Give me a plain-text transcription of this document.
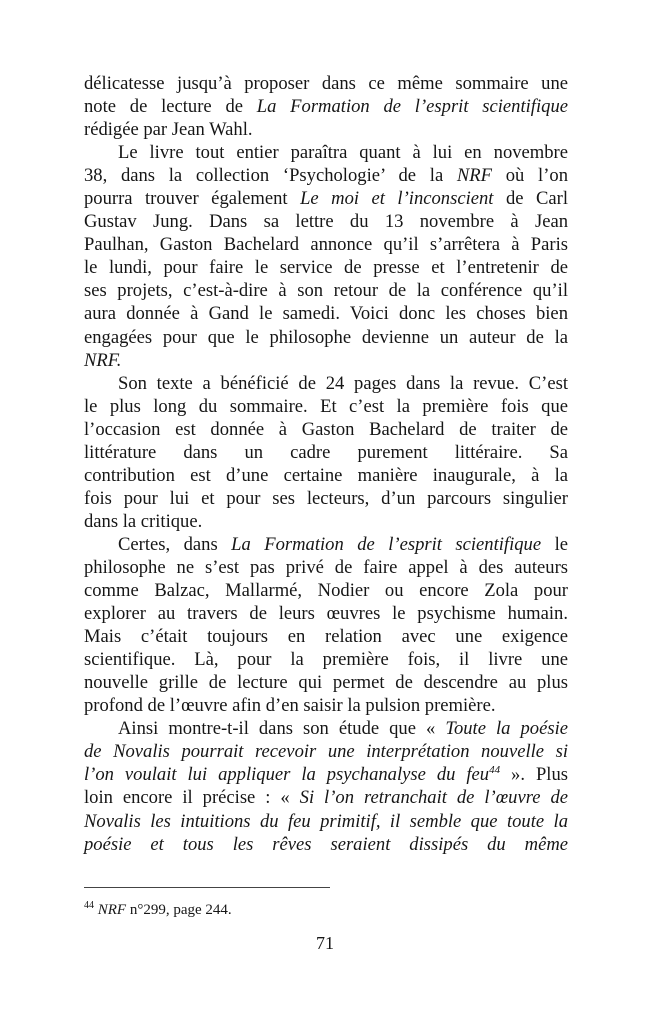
délicatesse jusqu’à proposer dans ce même sommaire une
note de lecture de La Formation de l’esprit scientifique
rédigée par Jean Wahl.
Le livre tout entier paraîtra quant à lui en novembre
38, dans la collection ‘Psychologie’ de la NRF où l’on
pourra trouver également Le moi et l’inconscient de Carl
Gustav Jung. Dans sa lettre du 13 novembre à Jean
Paulhan, Gaston Bachelard annonce qu’il s’arrêtera à Paris
le lundi, pour faire le service de presse et l’entretenir de
ses projets, c’est-à-dire à son retour de la conférence qu’il
aura donnée à Gand le samedi. Voici donc les choses bien
engagées pour que le philosophe devienne un auteur de la
NRF.
Son texte a bénéficié de 24 pages dans la revue. C’est
le plus long du sommaire. Et c’est la première fois que
l’occasion est donnée à Gaston Bachelard de traiter de
littérature dans un cadre purement littéraire. Sa
contribution est d’une certaine manière inaugurale, à la
fois pour lui et pour ses lecteurs, d’un parcours singulier
dans la critique.
Certes, dans La Formation de l’esprit scientifique le
philosophe ne s’est pas privé de faire appel à des auteurs
comme Balzac, Mallarmé, Nodier ou encore Zola pour
explorer au travers de leurs œuvres le psychisme humain.
Mais c’était toujours en relation avec une exigence
scientifique. Là, pour la première fois, il livre une
nouvelle grille de lecture qui permet de descendre au plus
profond de l’œuvre afin d’en saisir la pulsion première.
Ainsi montre-t-il dans son étude que « Toute la poésie
de Novalis pourrait recevoir une interprétation nouvelle si
l’on voulait lui appliquer la psychanalyse du feu$^{44}$ ». Plus
loin encore il précise : « Si l’on retranchait de l’œuvre de
Novalis les intuitions du feu primitif, il semble que toute la
poésie et tous les rêves seraient dissipés du même
$^{44}$ NRF n°299, page 244.
71
